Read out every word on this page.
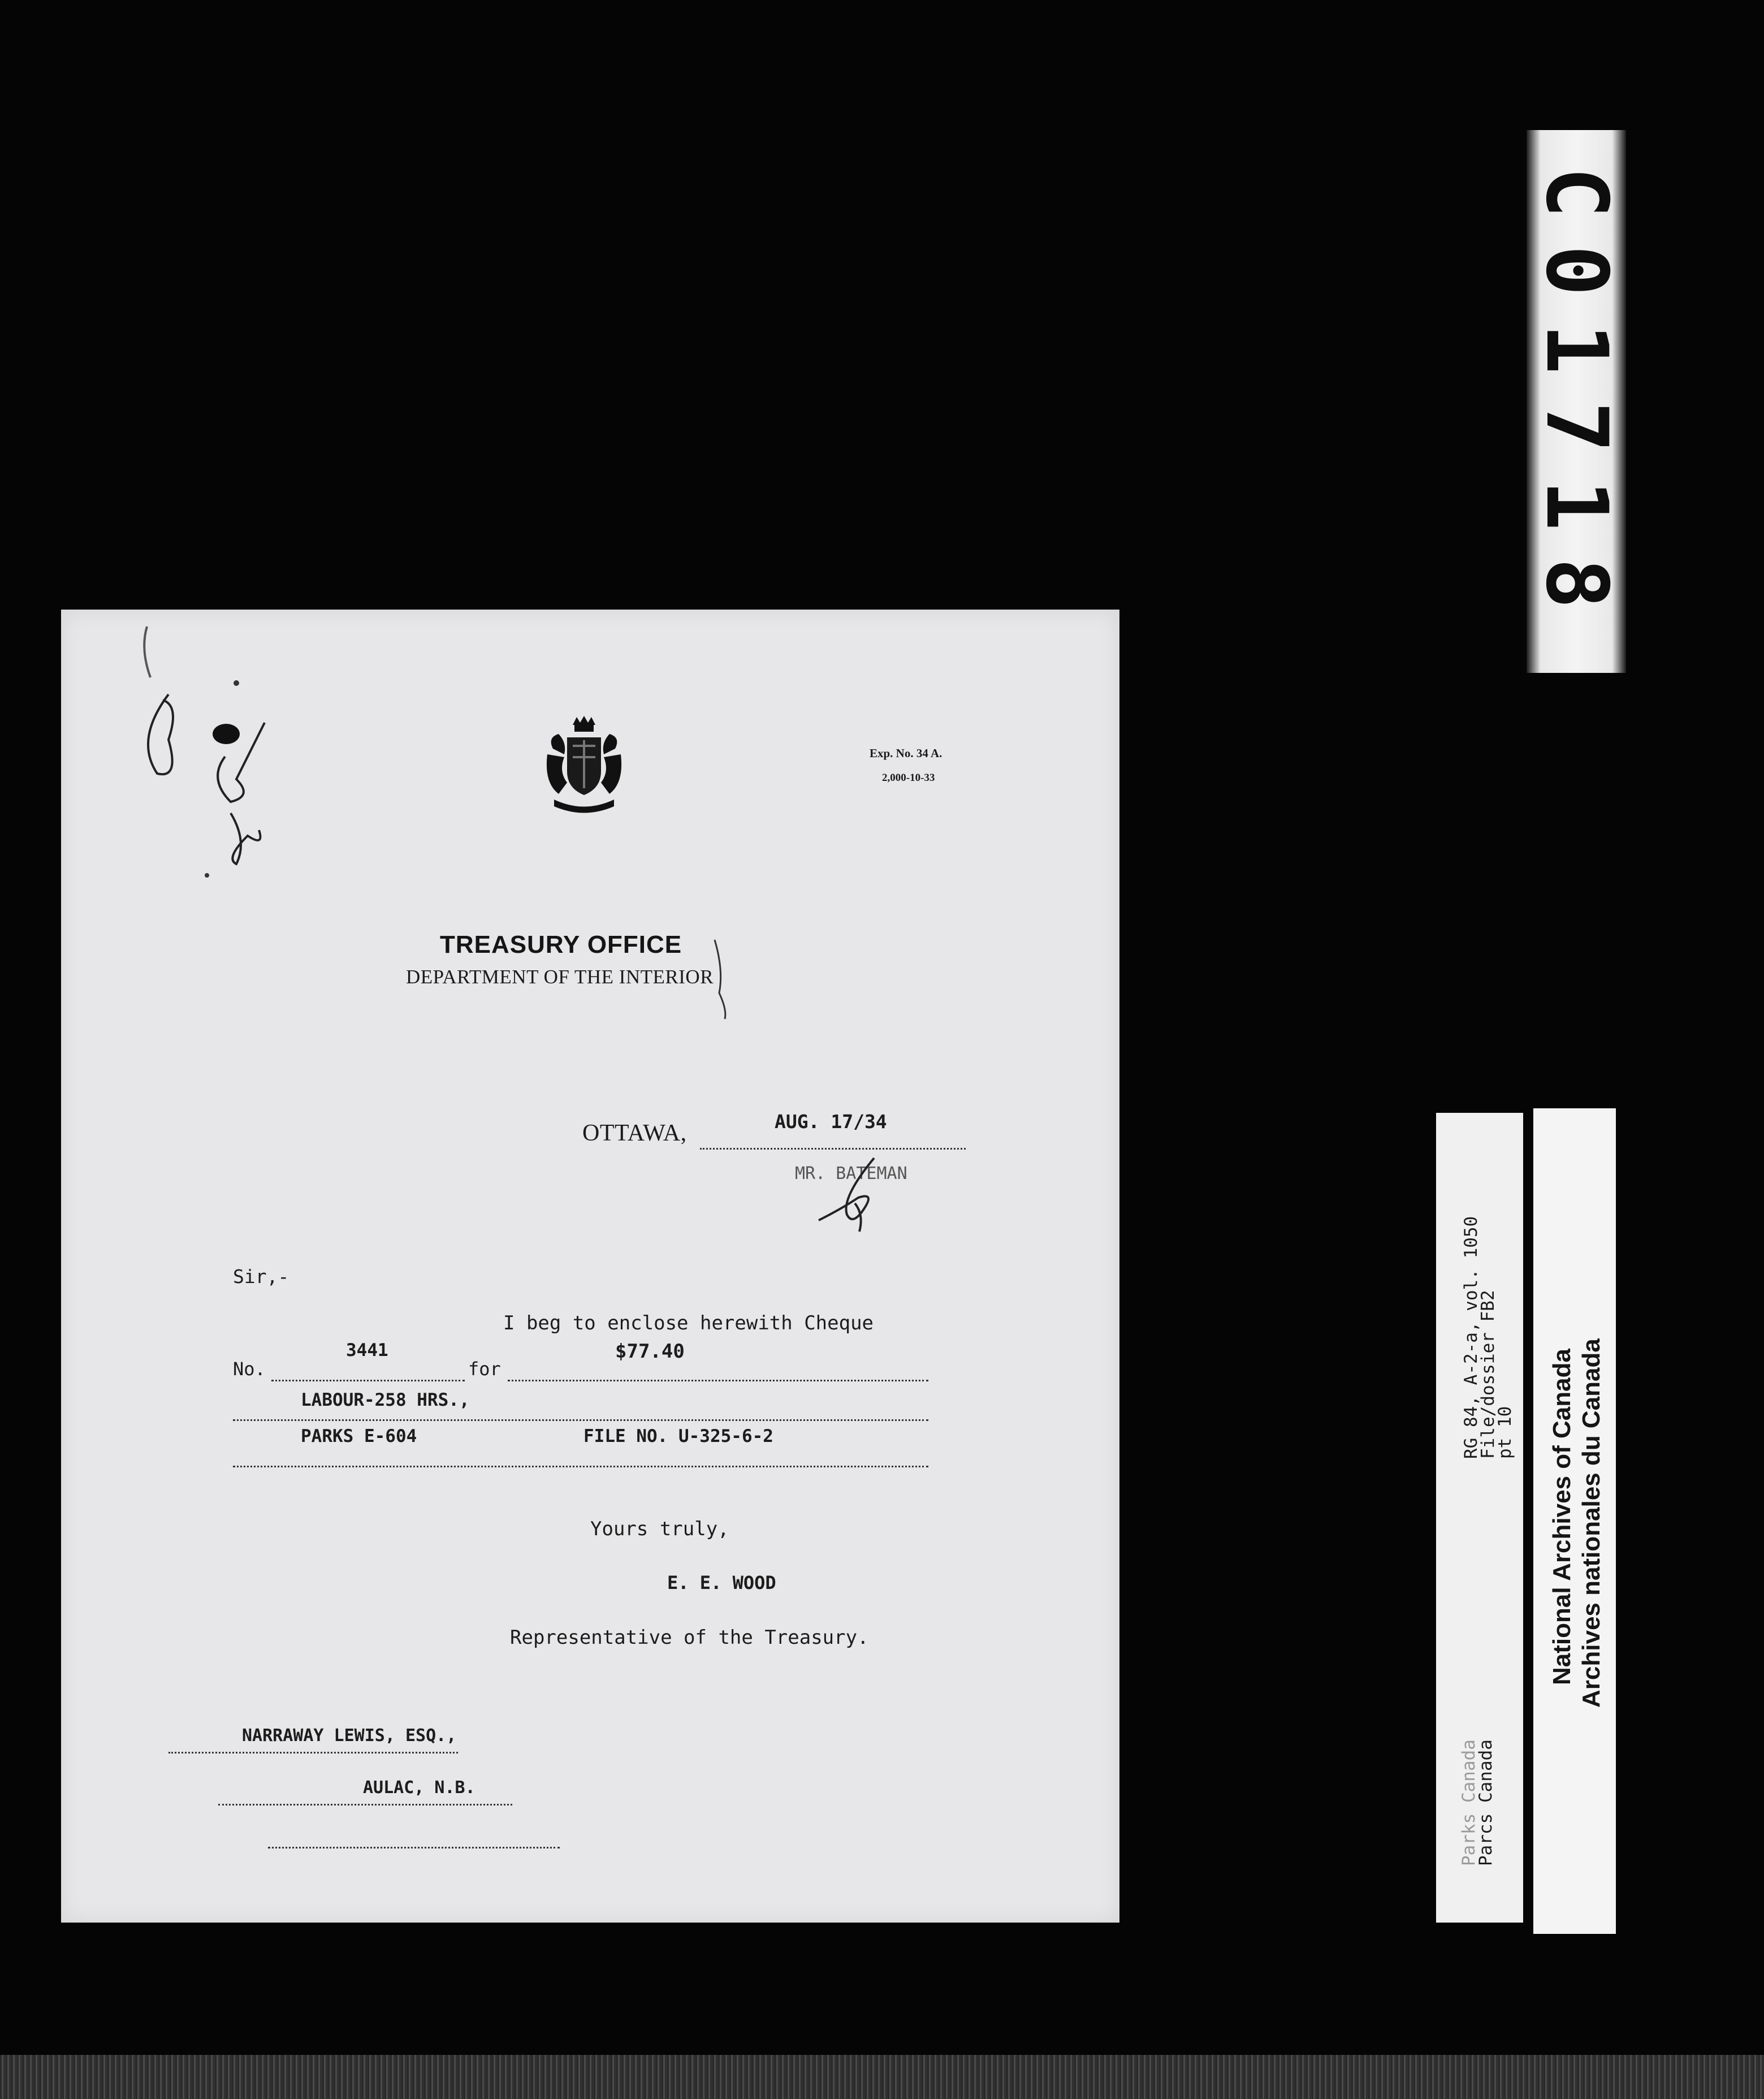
Exp. No. 34 A.
2,000-10-33
TREASURY OFFICE
DEPARTMENT OF THE INTERIOR
OTTAWA,	AUG. 17/34
MR. BATEMAN
Sir,-
I beg to enclose herewith Cheque
No.
3441
for
$77.40
LABOUR-258 HRS.,
PARKS E-604	FILE NO. U-325-6-2
Yours truly,
E. E. WOOD
Representative of the Treasury.
NARRAWAY LEWIS, ESQ.,
AULAC, N.B.
C01718
RG 84, A-2-a, vol. 1050
File/dossier FB2
pt 10
Parks Canada
Parcs Canada
National Archives of Canada Archives nationales du Canada
